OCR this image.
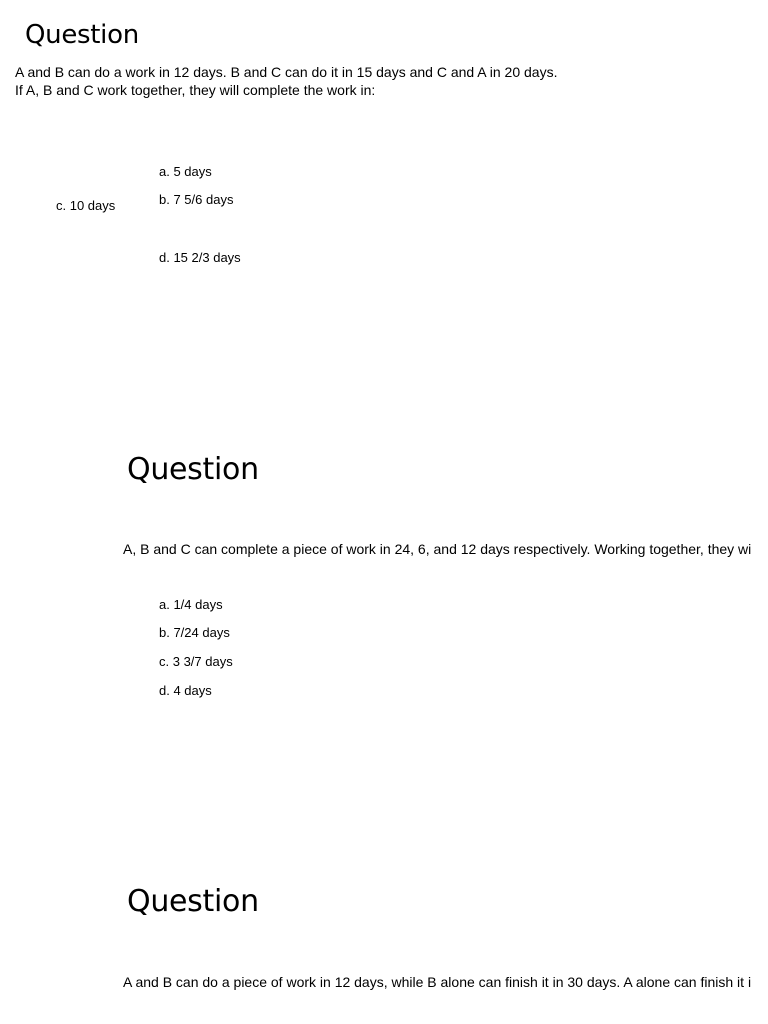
Question
A and B can do a work in 12 days. B and C can do it in 15 days and C and A in 20 days.
If A, B and C work together, they will complete the work in:
a. 5 days
b. 7 5/6 days
c. 10 days
d. 15 2/3 days
Question
A, B and C can complete a piece of work in 24, 6, and 12 days respectively. Working together, they wi
a. 1/4 days
b. 7/24 days
c. 3 3/7 days
d. 4 days
Question
A and B can do a piece of work in 12 days, while B alone can finish it in 30 days. A alone can finish it i
